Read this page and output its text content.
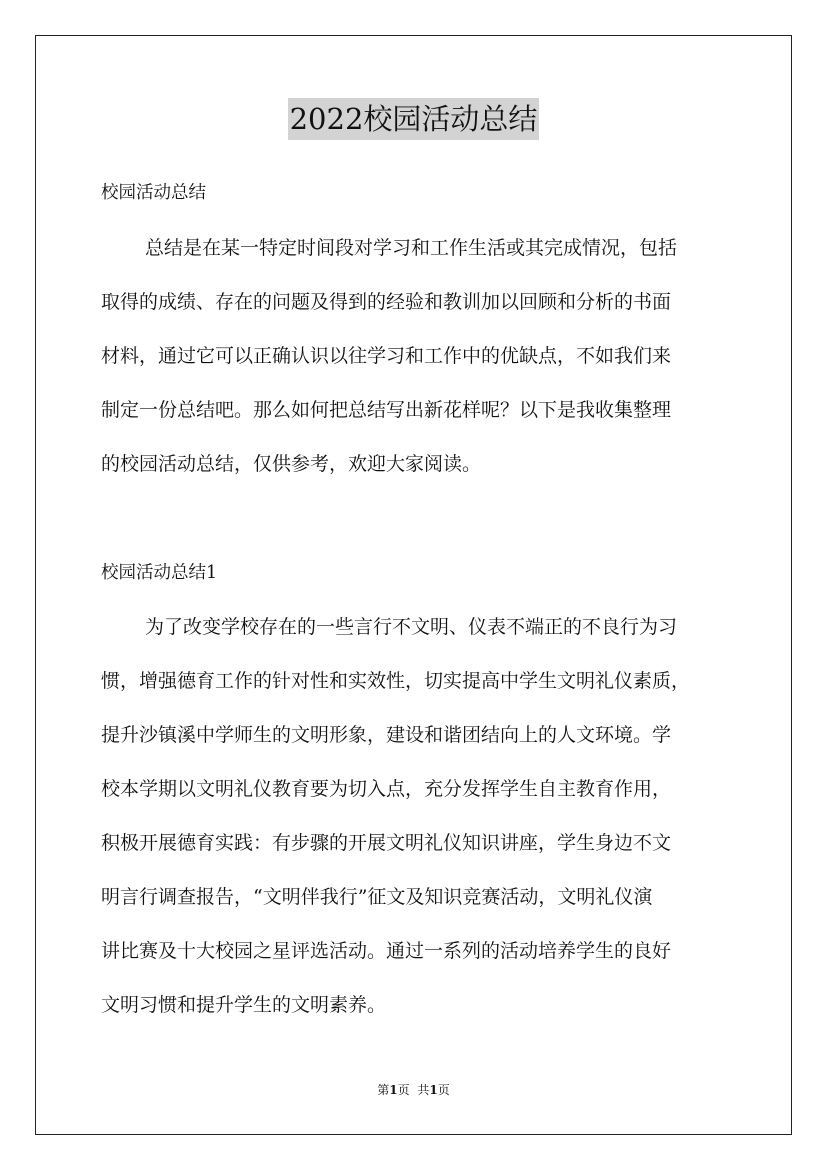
2022校园活动总结
校园活动总结
总结是在某一特定时间段对学习和工作生活或其完成情况，包括
取得的成绩、存在的问题及得到的经验和教训加以回顾和分析的书面
材料，通过它可以正确认识以往学习和工作中的优缺点，不如我们来
制定一份总结吧。那么如何把总结写出新花样呢？以下是我收集整理
的校园活动总结，仅供参考，欢迎大家阅读。
校园活动总结1
为了改变学校存在的一些言行不文明、仪表不端正的不良行为习
惯，增强德育工作的针对性和实效性，切实提高中学生文明礼仪素质，
提升沙镇溪中学师生的文明形象，建设和谐团结向上的人文环境。学
校本学期以文明礼仪教育要为切入点，充分发挥学生自主教育作用，
积极开展德育实践：有步骤的开展文明礼仪知识讲座，学生身边不文
明言行调查报告，“文明伴我行”征文及知识竞赛活动，文明礼仪演
讲比赛及十大校园之星评选活动。通过一系列的活动培养学生的良好
文明习惯和提升学生的文明素养。
第1页 共1页
